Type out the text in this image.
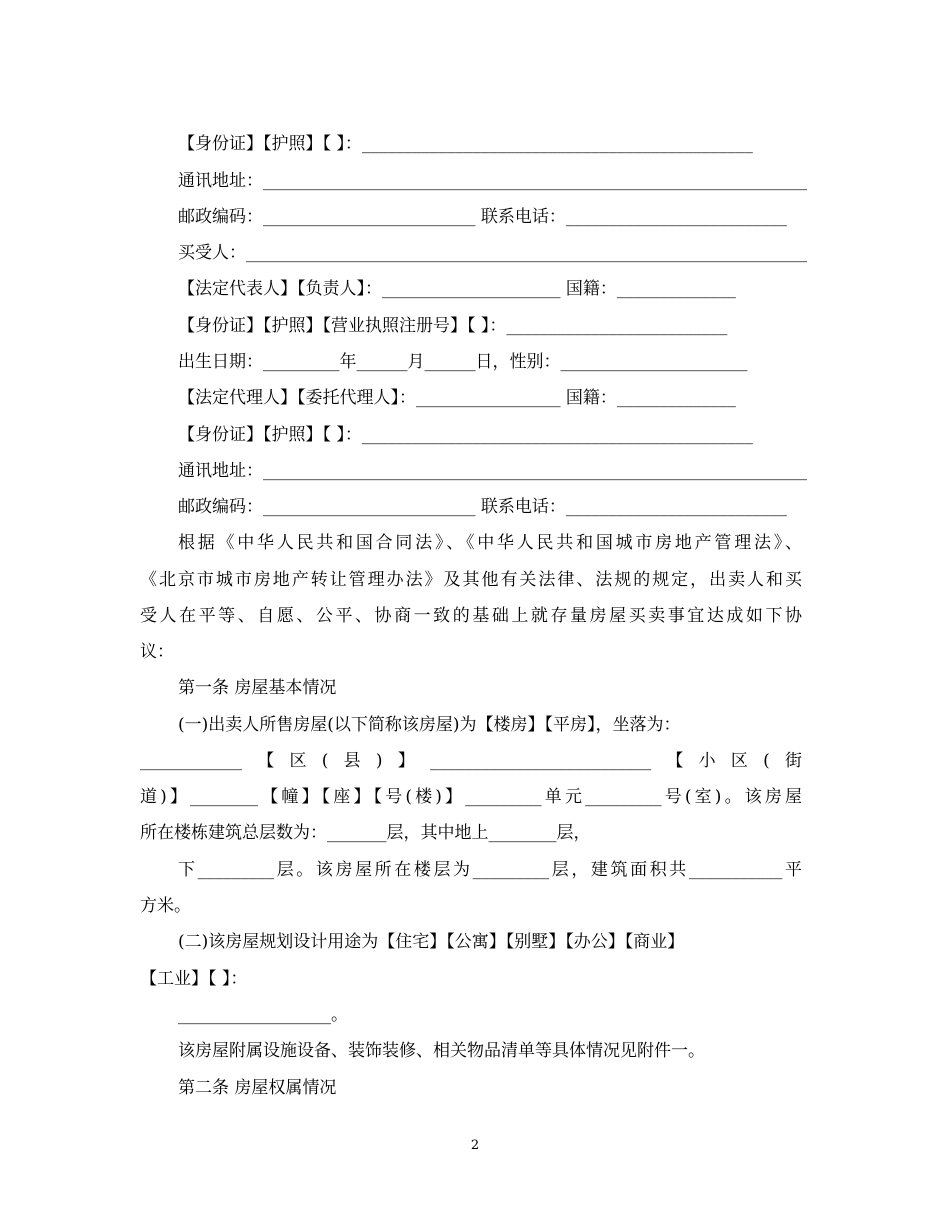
【身份证】【护照】【 】：______________________________________________
通讯地址：________________________________________________________________
邮政编码：_________________________ 联系电话：__________________________
买受人：__________________________________________________________________
【法定代表人】【负责人】：_____________________ 国籍：______________
【身份证】【护照】【营业执照注册号】【 】：__________________________
出生日期：_________年______月______日，性别：______________________
【法定代理人】【委托代理人】：_________________ 国籍：______________
【身份证】【护照】【 】：______________________________________________
通讯地址：________________________________________________________________
邮政编码：_________________________ 联系电话：__________________________
根据《中华人民共和国合同法》、《中华人民共和国城市房地产管理法》、
《北京市城市房地产转让管理办法》及其他有关法律、法规的规定，出卖人和买
受人在平等、自愿、公平、协商一致的基础上就存量房屋买卖事宜达成如下协
议：
第一条 房屋基本情况
(一)出卖人所售房屋(以下简称该房屋)为【楼房】【平房】，坐落为：
____________【区(县)】__________________________【小区(街
道)】________【幢】【座】【号(楼)】_________单元_________号(室)。该房屋
所在楼栋建筑总层数为：_______层，其中地上________层，
下_________层。该房屋所在楼层为_________层，建筑面积共___________平
方米。
(二)该房屋规划设计用途为【住宅】【公寓】【别墅】【办公】【商业】
【工业】【 】：
__________________。
该房屋附属设施设备、装饰装修、相关物品清单等具体情况见附件一。
第二条 房屋权属情况
2
